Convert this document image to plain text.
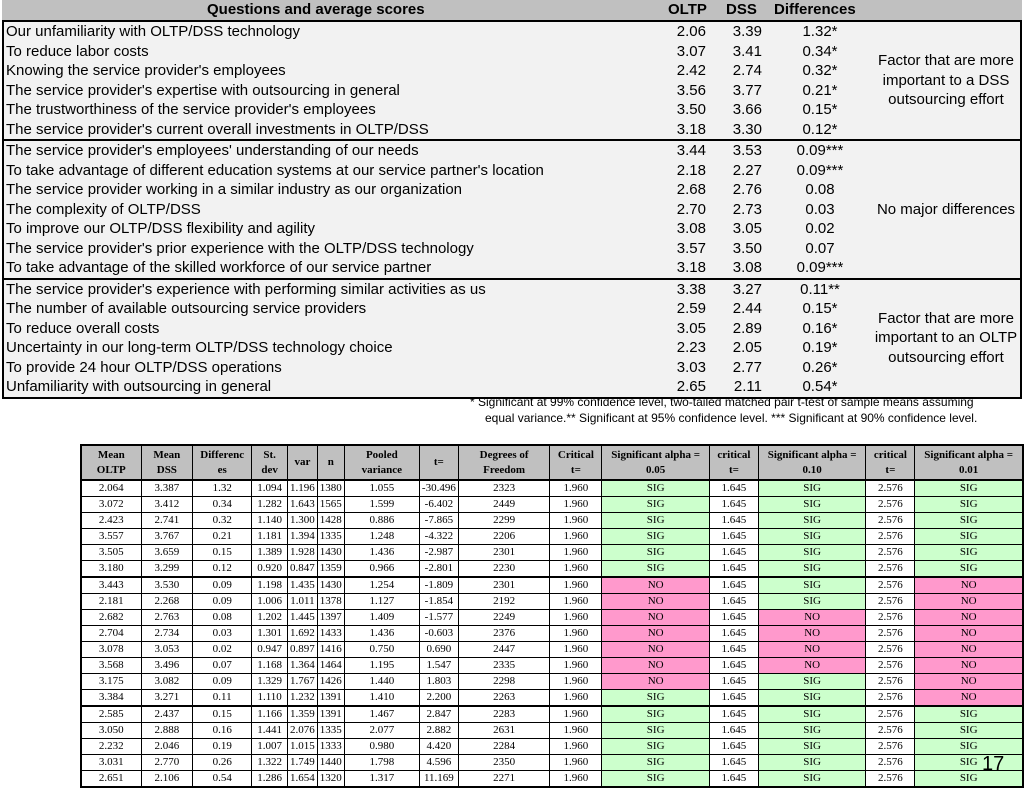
Questions and average scores	OLTP DSS Differences
Our unfamiliarity with OLTP/DSS technology	2.06 3.39	1.32*
To reduce labor costs	3.07 3.41	0.34*
Knowing the service provider's employees	2.42 2.74	0.32*
The service provider's expertise with outsourcing in general	3.56 3.77	0.21*
The trustworthiness of the service provider's employees	3.50 3.66	0.15*
The service provider's current overall investments in OLTP/DSS	3.18 3.30	0.12*
Factor that are more important to a DSS outsourcing effort
The service provider's employees' understanding of our needs	3.44 3.53	0.09***
To take advantage of different education systems at our service partner's location	2.18 2.27	0.09***
The service provider working in a similar industry as our organization	2.68 2.76	0.08
The complexity of OLTP/DSS	2.70 2.73	0.03
To improve our OLTP/DSS flexibility and agility	3.08 3.05	0.02
The service provider's prior experience with the OLTP/DSS technology	3.57 3.50	0.07
To take advantage of the skilled workforce of our service partner	3.18 3.08	0.09***
No major differences
The service provider's experience with performing similar activities as us	3.38 3.27	0.11**
The number of available outsourcing service providers	2.59 2.44	0.15*
To reduce overall costs	3.05 2.89	0.16*
Uncertainty in our long-term OLTP/DSS technology choice	2.23 2.05	0.19*
To provide 24 hour OLTP/DSS operations	3.03 2.77	0.26*
Unfamiliarity with outsourcing in general	2.65 2.11	0.54*
Factor that are more important to an OLTP outsourcing effort
* Significant at 99% confidence level, two-tailed matched pair t-test of sample means assuming
equal variance.** Significant at 95% confidence level. *** Significant at 90% confidence level.
Mean OLTP	Mean DSS	Differenc es	St. dev	var	n	Pooled variance	t=	Degrees of Freedom	Critical t=	Significant alpha = 0.05	critical t=	Significant alpha = 0.10	critical t=	Significant alpha = 0.01
2.064	3.387	1.32	1.094	1.196	1380	1.055	-30.496	2323	1.960	SIG	1.645	SIG	2.576	SIG
3.072	3.412	0.34	1.282	1.643	1565	1.599	-6.402	2449	1.960	SIG	1.645	SIG	2.576	SIG
2.423	2.741	0.32	1.140	1.300	1428	0.886	-7.865	2299	1.960	SIG	1.645	SIG	2.576	SIG
3.557	3.767	0.21	1.181	1.394	1335	1.248	-4.322	2206	1.960	SIG	1.645	SIG	2.576	SIG
3.505	3.659	0.15	1.389	1.928	1430	1.436	-2.987	2301	1.960	SIG	1.645	SIG	2.576	SIG
3.180	3.299	0.12	0.920	0.847	1359	0.966	-2.801	2230	1.960	SIG	1.645	SIG	2.576	SIG
3.443	3.530	0.09	1.198	1.435	1430	1.254	-1.809	2301	1.960	NO	1.645	SIG	2.576	NO
2.181	2.268	0.09	1.006	1.011	1378	1.127	-1.854	2192	1.960	NO	1.645	SIG	2.576	NO
2.682	2.763	0.08	1.202	1.445	1397	1.409	-1.577	2249	1.960	NO	1.645	NO	2.576	NO
2.704	2.734	0.03	1.301	1.692	1433	1.436	-0.603	2376	1.960	NO	1.645	NO	2.576	NO
3.078	3.053	0.02	0.947	0.897	1416	0.750	0.690	2447	1.960	NO	1.645	NO	2.576	NO
3.568	3.496	0.07	1.168	1.364	1464	1.195	1.547	2335	1.960	NO	1.645	NO	2.576	NO
3.175	3.082	0.09	1.329	1.767	1426	1.440	1.803	2298	1.960	NO	1.645	SIG	2.576	NO
3.384	3.271	0.11	1.110	1.232	1391	1.410	2.200	2263	1.960	SIG	1.645	SIG	2.576	NO
2.585	2.437	0.15	1.166	1.359	1391	1.467	2.847	2283	1.960	SIG	1.645	SIG	2.576	SIG
3.050	2.888	0.16	1.441	2.076	1335	2.077	2.882	2631	1.960	SIG	1.645	SIG	2.576	SIG
2.232	2.046	0.19	1.007	1.015	1333	0.980	4.420	2284	1.960	SIG	1.645	SIG	2.576	SIG
3.031	2.770	0.26	1.322	1.749	1440	1.798	4.596	2350	1.960	SIG	1.645	SIG	2.576	SIG
2.651	2.106	0.54	1.286	1.654	1320	1.317	11.169	2271	1.960	SIG	1.645	SIG	2.576	SIG
17
